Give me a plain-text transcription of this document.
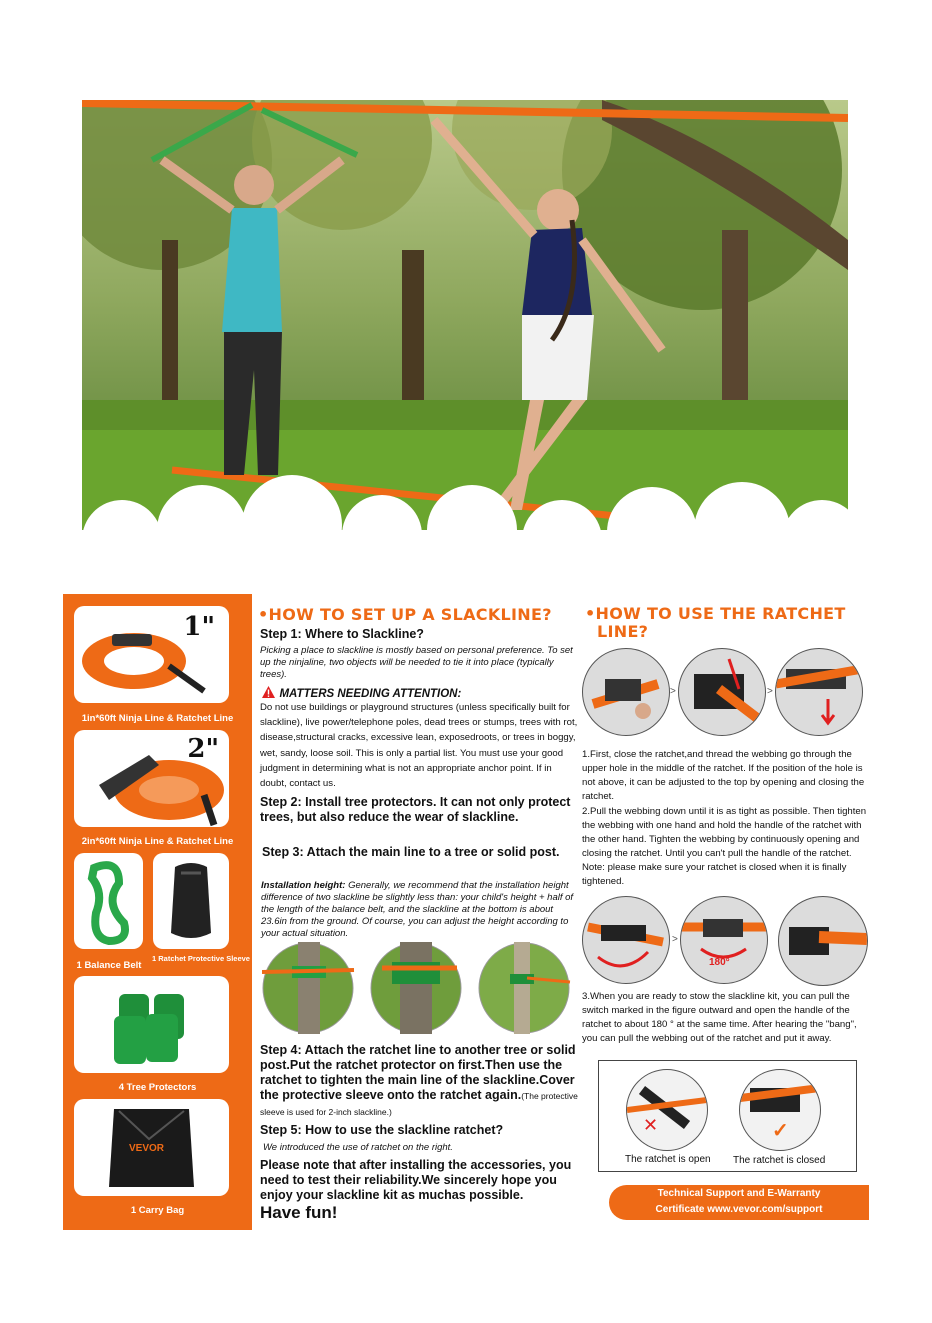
1"
1in*60ft Ninja Line & Ratchet Line
2"
2in*60ft Ninja Line & Ratchet Line
1 Balance Belt
1 Ratchet Protective Sleeve
4 Tree Protectors
VEVOR
1 Carry Bag
•HOW TO SET UP A SLACKLINE?
Step 1: Where to Slackline?
Picking a place to slackline is mostly based on personal preference. To set up the ninjaline, two objects will be needed to tie it into place (typically trees).
MATTERS NEEDING ATTENTION:
Do not use buildings or playground structures (unless specifically built for slackline), live power/telephone poles, dead trees or stumps, trees with rot, disease,structural cracks, excessive lean, exposedroots, or trees in boggy, wet, sandy, loose soil. This is only a partial list. You must use your good judgment in determining what is not an appropriate anchor point. If in doubt, contact us.
Step 2: Install tree protectors. It can not only protect trees, but also reduce the wear of slackline.
Step 3: Attach the main line to a tree or solid post.
Installation height: Generally, we recommend that the installation height difference of two slackline be slightly less than: your child's height + half of the length of the balance belt, and the slackline at the bottom is about 23.6in from the ground. Of course, you can adjust the height according to your actual situation.
Step 4: Attach the ratchet line to another tree or solid post.Put the ratchet protector on first.Then use the ratchet to tighten the main line of the slackline.Cover the protective sleeve onto the ratchet again.(The protective sleeve is used for 2-inch slackline.)
Step 5: How to use the slackline ratchet?
We introduced the use of ratchet on the right.
Please note that after installing the accessories, you need to test their reliability.We sincerely hope you enjoy your slackline kit as muchas possible.
Have fun!
•HOW TO USE THE RATCHET
LINE?
>	>
1.First, close the ratchet,and thread the webbing go through the upper hole in the middle of the ratchet. If the position of the hole is not above, it can be adjusted to the top by opening and closing the ratchet.
2.Pull the webbing down until it is as tight as possible. Then tighten the webbing with one hand and hold the handle of the ratchet with the other hand. Tighten the webbing by continuously opening and closing the ratchet. Until you can't pull the handle of the ratchet. Note: please make sure your ratchet is closed when it is finally tightened.
>
180°
3.When you are ready to stow the slackline kit, you can pull the switch marked in the figure outward and open the handle of the ratchet to about 180 ° at the same time. After hearing the "bang", you can pull the webbing out of the ratchet and put it away.
✕	✓
The ratchet is open The ratchet is closed
Technical Support and E-Warranty
Certificate www.vevor.com/support
